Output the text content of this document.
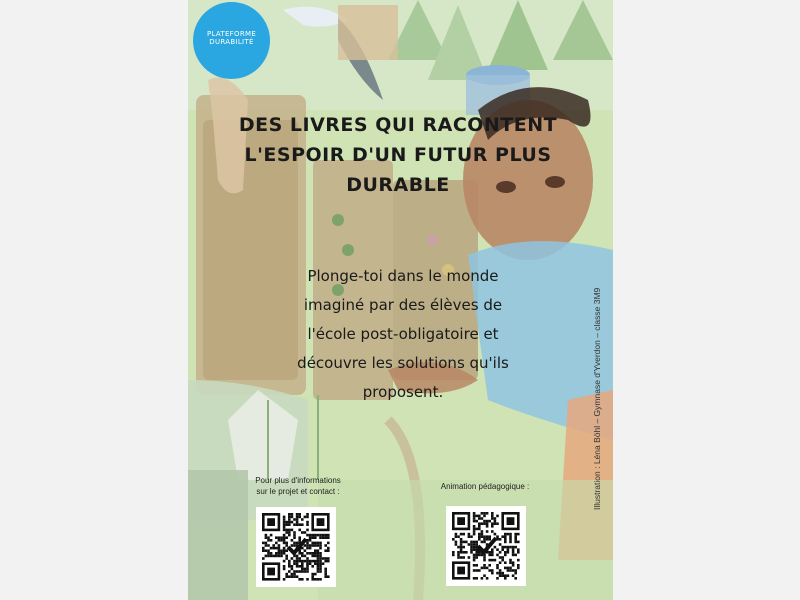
PLATEFORME
DURABILITÉ
DES LIVRES QUI RACONTENT
L'ESPOIR D'UN FUTUR PLUS
DURABLE
Plonge-toi dans le monde
imaginé par des élèves de
l'école post-obligatoire et
découvre les solutions qu'ils
proposent.	Illustration : Léna Böhl – Gymnase d'Yverdon – classe 3M9
Pour plus d'informations
sur le projet et contact :
Animation pédagogique :
